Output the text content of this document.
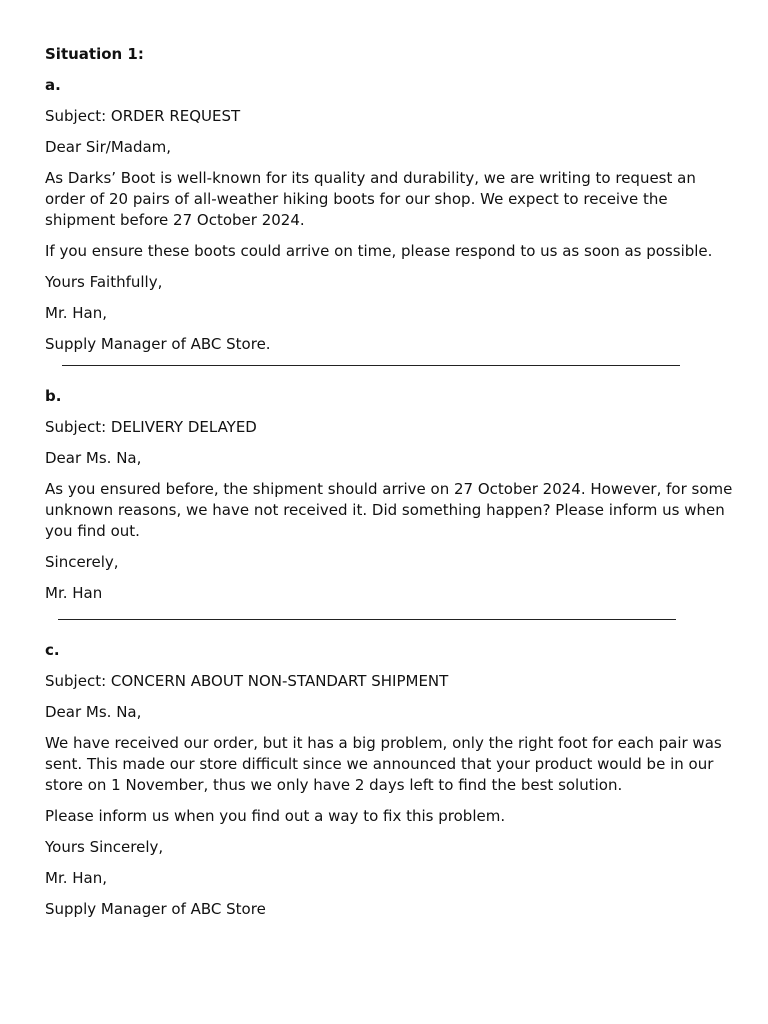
Situation 1:
a.
Subject: ORDER REQUEST
Dear Sir/Madam,
As Darks’ Boot is well-known for its quality and durability, we are writing to request an order of 20 pairs of all-weather hiking boots for our shop. We expect to receive the shipment before 27 October 2024.
If you ensure these boots could arrive on time, please respond to us as soon as possible.
Yours Faithfully,
Mr. Han,
Supply Manager of ABC Store.
b.
Subject: DELIVERY DELAYED
Dear Ms. Na,
As you ensured before, the shipment should arrive on 27 October 2024. However, for some unknown reasons, we have not received it. Did something happen? Please inform us when you find out.
Sincerely,
Mr. Han
c.
Subject: CONCERN ABOUT NON-STANDART SHIPMENT
Dear Ms. Na,
We have received our order, but it has a big problem, only the right foot for each pair was sent. This made our store difficult since we announced that your product would be in our store on 1 November, thus we only have 2 days left to find the best solution.
Please inform us when you find out a way to fix this problem.
Yours Sincerely,
Mr. Han,
Supply Manager of ABC Store
